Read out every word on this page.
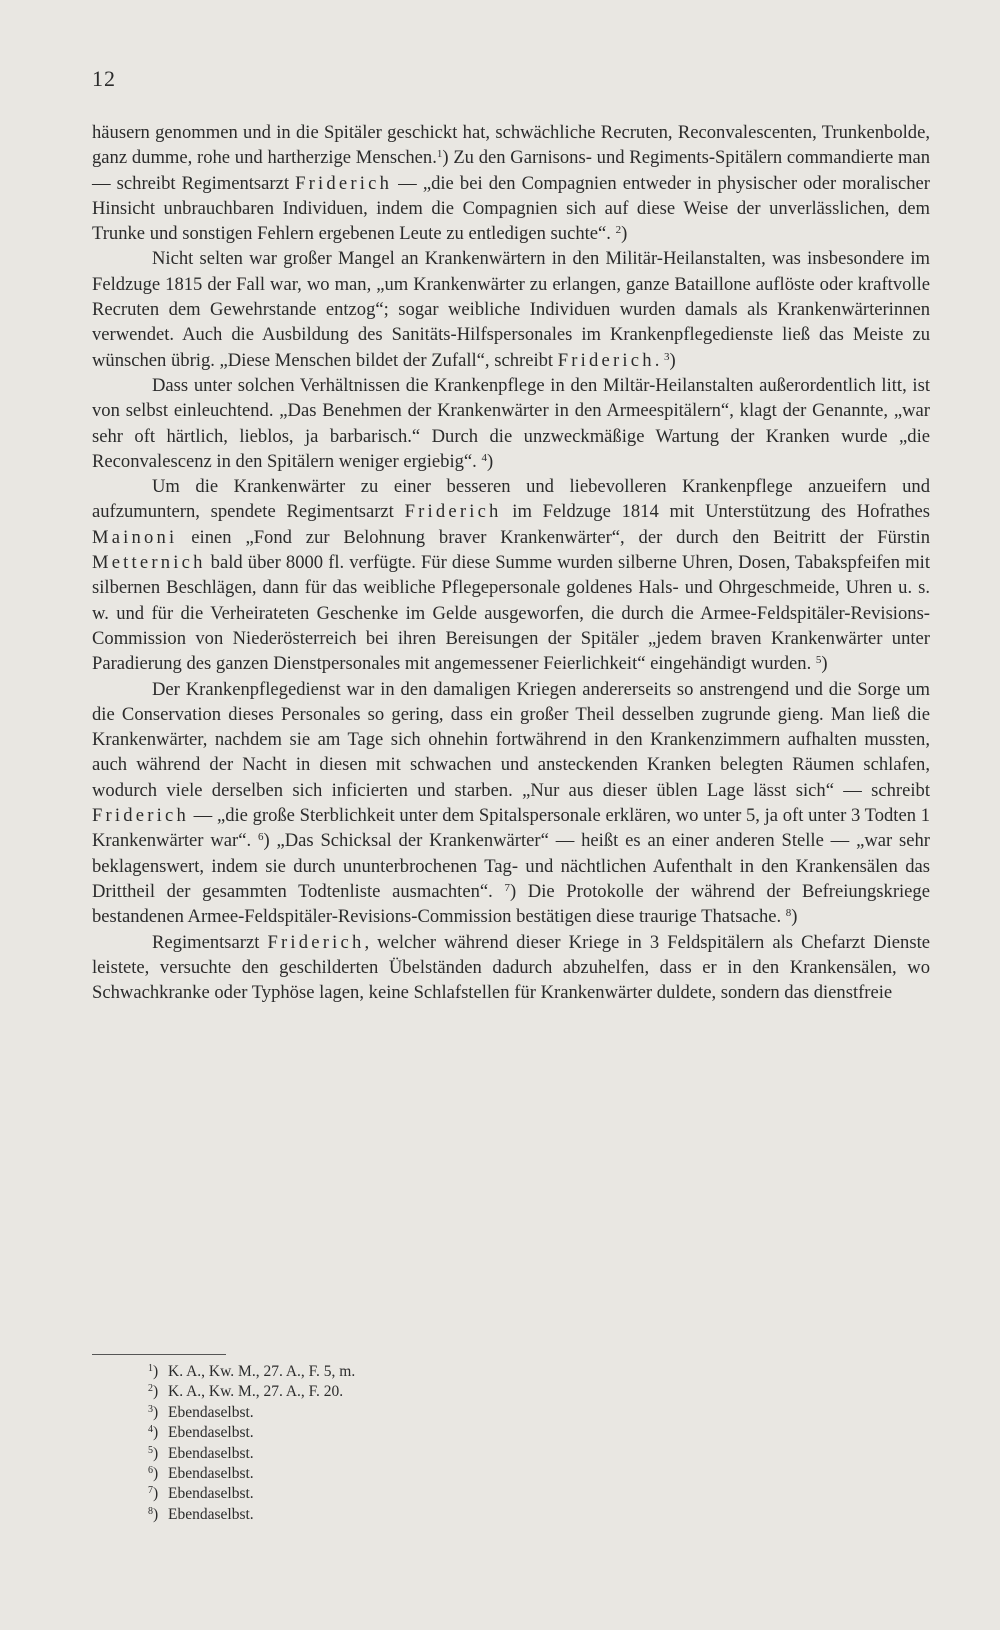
12

häusern genommen und in die Spitäler geschickt hat, schwächliche Recruten, Reconvalescenten, Trunkenbolde, ganz dumme, rohe und hartherzige Menschen.$^1$) Zu den Garnisons- und Regiments-Spitälern commandierte man — schreibt Regimentsarzt Friderich — „die bei den Compagnien entweder in physischer oder moralischer Hinsicht unbrauchbaren Individuen, indem die Compagnien sich auf diese Weise der unverlässlichen, dem Trunke und sonstigen Fehlern ergebenen Leute zu entledigen suchte“. $^2$)

Nicht selten war großer Mangel an Krankenwärtern in den Militär-Heilanstalten, was insbesondere im Feldzuge 1815 der Fall war, wo man, „um Krankenwärter zu erlangen, ganze Bataillone auflöste oder kraftvolle Recruten dem Gewehrstande entzog“; sogar weibliche Individuen wurden damals als Krankenwärterinnen verwendet. Auch die Ausbildung des Sanitäts-Hilfspersonales im Krankenpflegedienste ließ das Meiste zu wünschen übrig. „Diese Menschen bildet der Zufall“, schreibt Friderich. $^3$)

Dass unter solchen Verhältnissen die Krankenpflege in den Miltär-Heilanstalten außerordentlich litt, ist von selbst einleuchtend. „Das Benehmen der Krankenwärter in den Armeespitälern“, klagt der Genannte, „war sehr oft härtlich, lieblos, ja barbarisch.“ Durch die unzweckmäßige Wartung der Kranken wurde „die Reconvalescenz in den Spitälern weniger ergiebig“. $^4$)

Um die Krankenwärter zu einer besseren und liebevolleren Krankenpflege anzueifern und aufzumuntern, spendete Regimentsarzt Friderich im Feldzuge 1814 mit Unterstützung des Hofrathes Mainoni einen „Fond zur Belohnung braver Krankenwärter“, der durch den Beitritt der Fürstin Metternich bald über 8000 fl. verfügte. Für diese Summe wurden silberne Uhren, Dosen, Tabakspfeifen mit silbernen Beschlägen, dann für das weibliche Pflegepersonale goldenes Hals- und Ohrgeschmeide, Uhren u. s. w. und für die Verheirateten Geschenke im Gelde ausgeworfen, die durch die Armee-Feldspitäler-Revisions-Commission von Niederösterreich bei ihren Bereisungen der Spitäler „jedem braven Krankenwärter unter Paradierung des ganzen Dienstpersonales mit angemessener Feierlichkeit“ eingehändigt wurden. $^5$)

Der Krankenpflegedienst war in den damaligen Kriegen andererseits so anstrengend und die Sorge um die Conservation dieses Personales so gering, dass ein großer Theil desselben zugrunde gieng. Man ließ die Krankenwärter, nachdem sie am Tage sich ohnehin fortwährend in den Krankenzimmern aufhalten mussten, auch während der Nacht in diesen mit schwachen und ansteckenden Kranken belegten Räumen schlafen, wodurch viele derselben sich inficierten und starben. „Nur aus dieser üblen Lage lässt sich“ — schreibt Friderich — „die große Sterblichkeit unter dem Spitalspersonale erklären, wo unter 5, ja oft unter 3 Todten 1 Krankenwärter war“. $^6$) „Das Schicksal der Krankenwärter“ — heißt es an einer anderen Stelle — „war sehr beklagenswert, indem sie durch ununterbrochenen Tag- und nächtlichen Aufenthalt in den Krankensälen das Drittheil der gesammten Todtenliste ausmachten“. $^7$) Die Protokolle der während der Befreiungskriege bestandenen Armee-Feldspitäler-Revisions-Commission bestätigen diese traurige Thatsache. $^8$)

Regimentsarzt Friderich, welcher während dieser Kriege in 3 Feldspitälern als Chefarzt Dienste leistete, versuchte den geschilderten Übelständen dadurch abzuhelfen, dass er in den Krankensälen, wo Schwachkranke oder Typhöse lagen, keine Schlafstellen für Krankenwärter duldete, sondern das dienstfreie

$^1$) K. A., Kw. M., 27. A., F. 5, m.

$^2$) K. A., Kw. M., 27. A., F. 20.

$^3$) Ebendaselbst.

$^4$) Ebendaselbst.

$^5$) Ebendaselbst.

$^6$) Ebendaselbst.

$^7$) Ebendaselbst.

$^8$) Ebendaselbst.
